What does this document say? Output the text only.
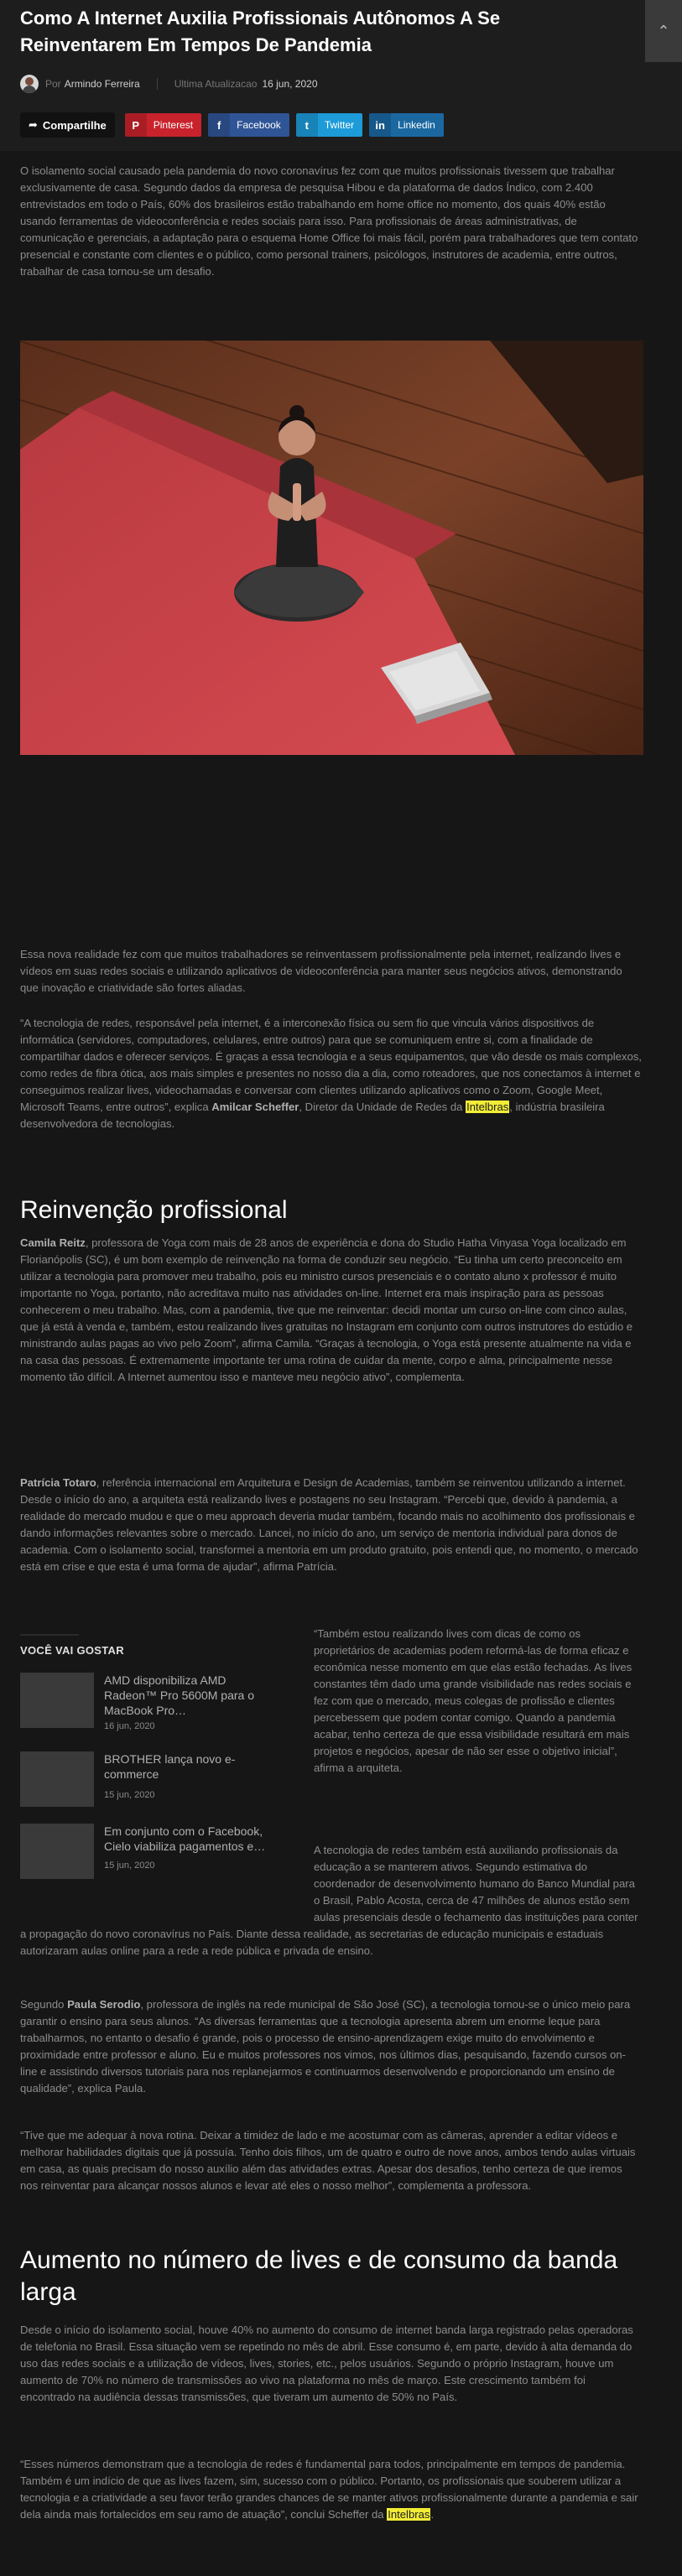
⌃
Como A Internet Auxilia Profissionais Autônomos A Se Reinventarem Em Tempos De Pandemia
Por Armindo Ferreira	Ultima Atualizacao 16 jun, 2020
➦ Compartilhe	P	Pinterest	f	Facebook	t	Twitter	in	Linkedin

O isolamento social causado pela pandemia do novo coronavírus fez com que muitos profissionais tivessem que trabalhar exclusivamente de casa. Segundo dados da empresa de pesquisa Hibou e da plataforma de dados Índico, com 2.400 entrevistados em todo o País, 60% dos brasileiros estão trabalhando em home office no momento, dos quais 40% estão usando ferramentas de videoconferência e redes sociais para isso. Para profissionais de áreas administrativas, de comunicação e gerenciais, a adaptação para o esquema Home Office foi mais fácil, porém para trabalhadores que tem contato presencial e constante com clientes e o público, como personal trainers, psicólogos, instrutores de academia, entre outros, trabalhar de casa tornou-se um desafio.

Essa nova realidade fez com que muitos trabalhadores se reinventassem profissionalmente pela internet, realizando lives e vídeos em suas redes sociais e utilizando aplicativos de videoconferência para manter seus negócios ativos, demonstrando que inovação e criatividade são fortes aliadas.

“A tecnologia de redes, responsável pela internet, é a interconexão física ou sem fio que vincula vários dispositivos de informática (servidores, computadores, celulares, entre outros) para que se comuniquem entre si, com a finalidade de compartilhar dados e oferecer serviços. É graças a essa tecnologia e a seus equipamentos, que vão desde os mais complexos, como redes de fibra ótica, aos mais simples e presentes no nosso dia a dia, como roteadores, que nos conectamos à internet e conseguimos realizar lives, videochamadas e conversar com clientes utilizando aplicativos como o Zoom, Google Meet, Microsoft Teams, entre outros”, explica Amilcar Scheffer, Diretor da Unidade de Redes da Intelbras, indústria brasileira desenvolvedora de tecnologias.

Reinvenção profissional

Camila Reitz, professora de Yoga com mais de 28 anos de experiência e dona do Studio Hatha Vinyasa Yoga localizado em Florianópolis (SC), é um bom exemplo de reinvenção na forma de conduzir seu negócio. “Eu tinha um certo preconceito em utilizar a tecnologia para promover meu trabalho, pois eu ministro cursos presenciais e o contato aluno x professor é muito importante no Yoga, portanto, não acreditava muito nas atividades on-line. Internet era mais inspiração para as pessoas conhecerem o meu trabalho. Mas, com a pandemia, tive que me reinventar: decidi montar um curso on-line com cinco aulas, que já está à venda e, também, estou realizando lives gratuitas no Instagram em conjunto com outros instrutores do estúdio e ministrando aulas pagas ao vivo pelo Zoom”, afirma Camila. “Graças à tecnologia, o Yoga está presente atualmente na vida e na casa das pessoas. É extremamente importante ter uma rotina de cuidar da mente, corpo e alma, principalmente nesse momento tão difícil. A Internet aumentou isso e manteve meu negócio ativo”, complementa.

Patrícia Totaro, referência internacional em Arquitetura e Design de Academias, também se reinventou utilizando a internet. Desde o início do ano, a arquiteta está realizando lives e postagens no seu Instagram. “Percebi que, devido à pandemia, a realidade do mercado mudou e que o meu approach deveria mudar também, focando mais no acolhimento dos profissionais e dando informações relevantes sobre o mercado. Lancei, no início do ano, um serviço de mentoria individual para donos de academia. Com o isolamento social, transformei a mentoria em um produto gratuito, pois entendi que, no momento, o mercado está em crise e que esta é uma forma de ajudar”, afirma Patrícia.

VOCÊ VAI GOSTAR
AMD disponibiliza AMD Radeon™ Pro 5600M para o MacBook Pro…
16 jun, 2020
BROTHER lança novo e-commerce
15 jun, 2020
Em conjunto com o Facebook, Cielo viabiliza pagamentos e…
15 jun, 2020

“Também estou realizando lives com dicas de como os proprietários de academias podem reformá-las de forma eficaz e econômica nesse momento em que elas estão fechadas. As lives constantes têm dado uma grande visibilidade nas redes sociais e fez com que o mercado, meus colegas de profissão e clientes percebessem que podem contar comigo. Quando a pandemia acabar, tenho certeza de que essa visibilidade resultará em mais projetos e negócios, apesar de não ser esse o objetivo inicial”, afirma a arquiteta.

A tecnologia de redes também está auxiliando profissionais da educação a se manterem ativos. Segundo estimativa do coordenador de desenvolvimento humano do Banco Mundial para o Brasil, Pablo Acosta, cerca de 47 milhões de alunos estão sem aulas presenciais desde o fechamento das instituições para conter a propagação do novo coronavírus no País. Diante dessa realidade, as secretarias de educação municipais e estaduais autorizaram aulas online para a rede a rede pública e privada de ensino.

Segundo Paula Serodio, professora de inglês na rede municipal de São José (SC), a tecnologia tornou-se o único meio para garantir o ensino para seus alunos. “As diversas ferramentas que a tecnologia apresenta abrem um enorme leque para trabalharmos, no entanto o desafio é grande, pois o processo de ensino-aprendizagem exige muito do envolvimento e proximidade entre professor e aluno. Eu e muitos professores nos vimos, nos últimos dias, pesquisando, fazendo cursos on-line e assistindo diversos tutoriais para nos replanejarmos e continuarmos desenvolvendo e proporcionando um ensino de qualidade”, explica Paula.

“Tive que me adequar à nova rotina. Deixar a timidez de lado e me acostumar com as câmeras, aprender a editar vídeos e melhorar habilidades digitais que já possuía. Tenho dois filhos, um de quatro e outro de nove anos, ambos tendo aulas virtuais em casa, as quais precisam do nosso auxílio além das atividades extras. Apesar dos desafios, tenho certeza de que iremos nos reinventar para alcançar nossos alunos e levar até eles o nosso melhor”, complementa a professora.

Aumento no número de lives e de consumo da banda larga

Desde o início do isolamento social, houve 40% no aumento do consumo de internet banda larga registrado pelas operadoras de telefonia no Brasil. Essa situação vem se repetindo no mês de abril. Esse consumo é, em parte, devido à alta demanda do uso das redes sociais e a utilização de vídeos, lives, stories, etc., pelos usuários. Segundo o próprio Instagram, houve um aumento de 70% no número de transmissões ao vivo na plataforma no mês de março. Este crescimento também foi encontrado na audiência dessas transmissões, que tiveram um aumento de 50% no País.

“Esses números demonstram que a tecnologia de redes é fundamental para todos, principalmente em tempos de pandemia. Também é um indício de que as lives fazem, sim, sucesso com o público. Portanto, os profissionais que souberem utilizar a tecnologia e a criatividade a seu favor terão grandes chances de se manter ativos profissionalmente durante a pandemia e sair dela ainda mais fortalecidos em seu ramo de atuação”, conclui Scheffer da Intelbras.
